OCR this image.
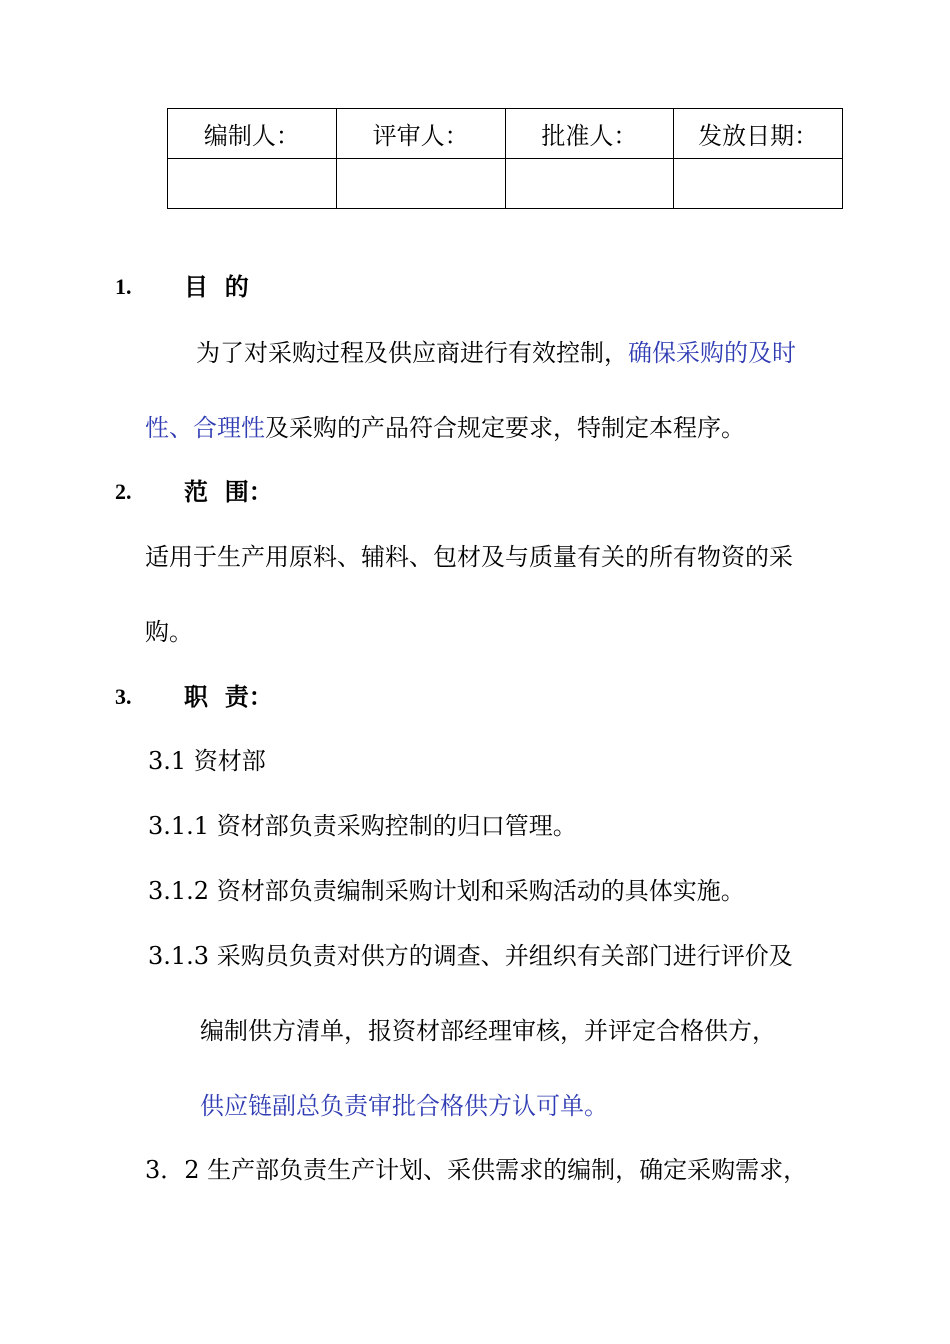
编制人：	评审人：	批准人：	发放日期：

1. 目  的
为了对采购过程及供应商进行有效控制，确保采购的及时
性、合理性及采购的产品符合规定要求，特制定本程序。
2. 范  围：
适用于生产用原料、辅料、包材及与质量有关的所有物资的采
购。
3. 职  责：
3.1 资材部
3.1.1 资材部负责采购控制的归口管理。
3.1.2 资材部负责编制采购计划和采购活动的具体实施。
3.1.3 采购员负责对供方的调查、并组织有关部门进行评价及
编制供方清单，报资材部经理审核，并评定合格供方，
供应链副总负责审批合格供方认可单。
3．2 生产部负责生产计划、采供需求的编制，确定采购需求，
